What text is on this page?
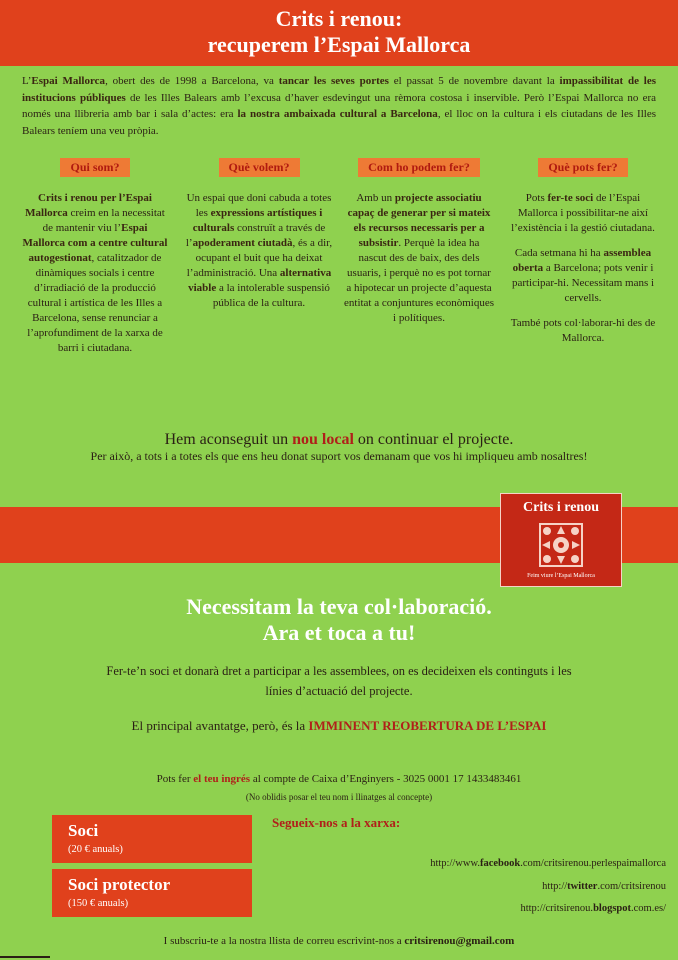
Crits i renou:
recuperem l’Espai Mallorca
L’Espai Mallorca, obert des de 1998 a Barcelona, va tancar les seves portes el passat 5 de novembre davant la impassibilitat de les institucions públiques de les Illes Balears amb l’excusa d’haver esdevingut una rèmora costosa i inservible. Però l’Espai Mallorca no era només una llibreria amb bar i sala d’actes: era la nostra ambaixada cultural a Barcelona, el lloc on la cultura i els ciutadans de les Illes Balears teníem una veu pròpia.
Qui som?

Crits i renou per l’Espai Mallorca creim en la necessitat de mantenir viu l’Espai Mallorca com a centre cultural autogestionat, catalitzador de dinàmiques socials i centre d’irradiació de la producció cultural i artística de les Illes a Barcelona, sense renunciar a l’aprofundiment de la xarxa de barri i ciutadana.

Què volem?

Un espai que doni cabuda a totes les expressions artístiques i culturals construït a través de l’apoderament ciutadà, és a dir, ocupant el buit que ha deixat l’administració. Una alternativa viable a la intolerable suspensió pública de la cultura.

Com ho podem fer?

Amb un projecte associatiu capaç de generar per si mateix els recursos necessaris per a subsistir. Perquè la idea ha nascut des de baix, des dels usuaris, i perquè no es pot tornar a hipotecar un projecte d’aquesta entitat a conjuntures econòmiques i polítiques.

Què pots fer?

Pots fer-te soci de l’Espai Mallorca i possibilitar-ne així l’existència i la gestió ciutadana.

Cada setmana hi ha assemblea oberta a Barcelona; pots venir i participar-hi. Necessitam mans i cervells.

També pots col·laborar-hi des de Mallorca.

Hem aconseguit un nou local on continuar el projecte.
Per això, a tots i a totes els que ens heu donat suport vos demanam que vos hi impliqueu amb nosaltres!
Crits i renou
Feim viure l’Espai Mallorca
Necessitam la teva col·laboració.
Ara et toca a tu!
Fer-te’n soci et donarà dret a participar a les assemblees, on es decideixen els continguts i les línies d’actuació del projecte.
El principal avantatge, però, és la IMMINENT REOBERTURA DE L’ESPAI
Pots fer el teu ingrés al compte de Caixa d’Enginyers - 3025 0001 17 1433483461
(No oblidis posar el teu nom i llinatges al concepte)
Soci
(20 € anuals)
Soci protector
(150 € anuals)
Segueix-nos a la xarxa:
http://www.facebook.com/critsirenou.perlespaimallorca
http://twitter.com/critsirenou
http://critsirenou.blogspot.com.es/
I subscriu-te a la nostra llista de correu escrivint-nos a critsirenou@gmail.com
